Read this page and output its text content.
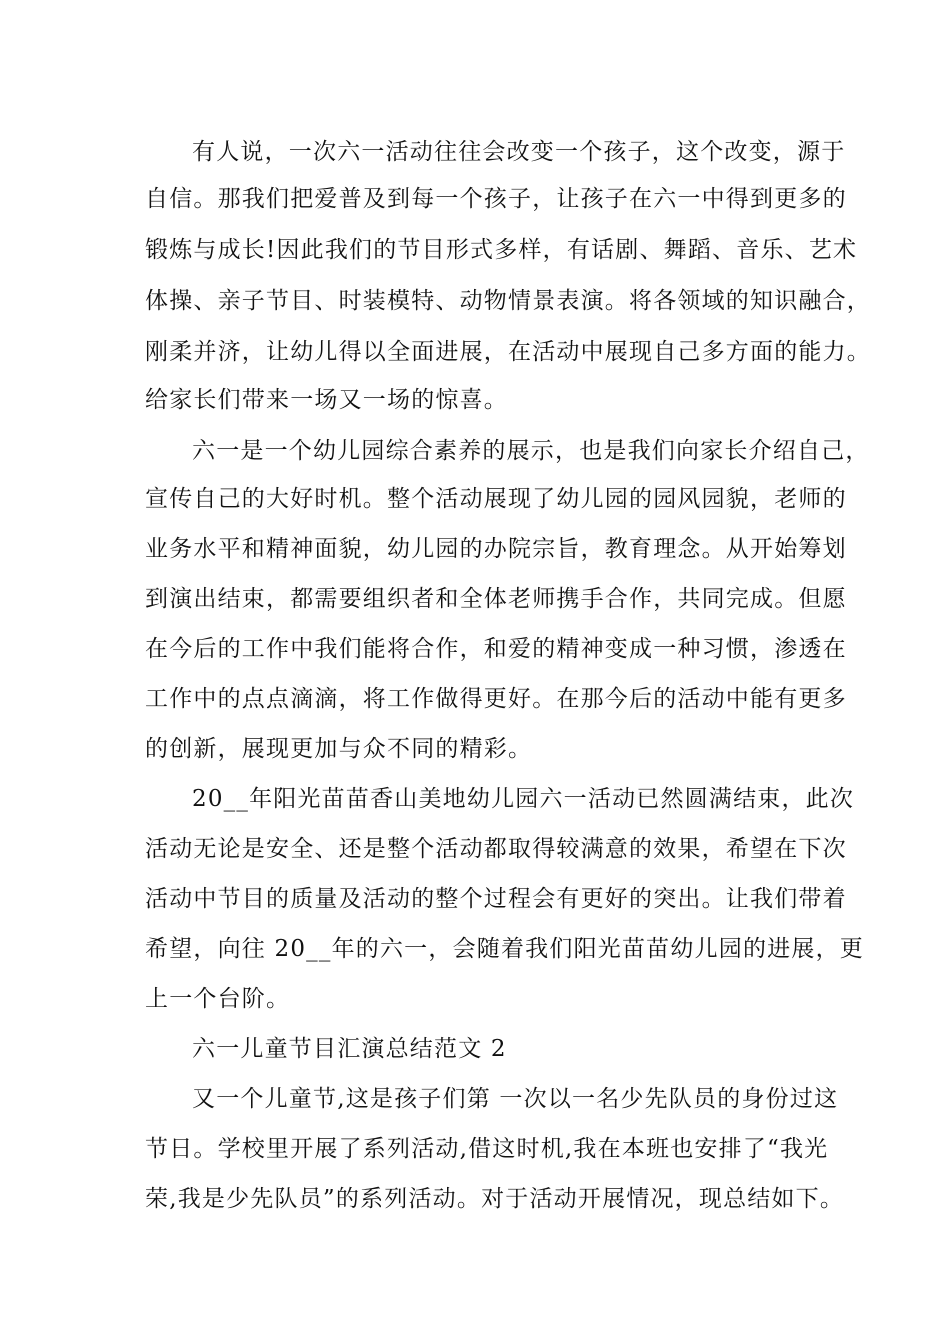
有人说，一次六一活动往往会改变一个孩子，这个改变，源于
自信。那我们把爱普及到每一个孩子，让孩子在六一中得到更多的
锻炼与成长!因此我们的节目形式多样，有话剧、舞蹈、音乐、艺术
体操、亲子节目、时装模特、动物情景表演。将各领域的知识融合，
刚柔并济，让幼儿得以全面进展，在活动中展现自己多方面的能力。
给家长们带来一场又一场的惊喜。
六一是一个幼儿园综合素养的展示，也是我们向家长介绍自己，
宣传自己的大好时机。整个活动展现了幼儿园的园风园貌，老师的
业务水平和精神面貌，幼儿园的办院宗旨，教育理念。从开始筹划
到演出结束，都需要组织者和全体老师携手合作，共同完成。但愿
在今后的工作中我们能将合作，和爱的精神变成一种习惯，渗透在
工作中的点点滴滴，将工作做得更好。在那今后的活动中能有更多
的创新，展现更加与众不同的精彩。
20__年阳光苗苗香山美地幼儿园六一活动已然圆满结束，此次
活动无论是安全、还是整个活动都取得较满意的效果，希望在下次
活动中节目的质量及活动的整个过程会有更好的突出。让我们带着
希望，向往 20__年的六一，会随着我们阳光苗苗幼儿园的进展，更
上一个台阶。
六一儿童节目汇演总结范文 2
又一个儿童节,这是孩子们第 一次以一名少先队员的身份过这
节日。学校里开展了系列活动,借这时机,我在本班也安排了“我光
荣,我是少先队员”的系列活动。对于活动开展情况，现总结如下。
